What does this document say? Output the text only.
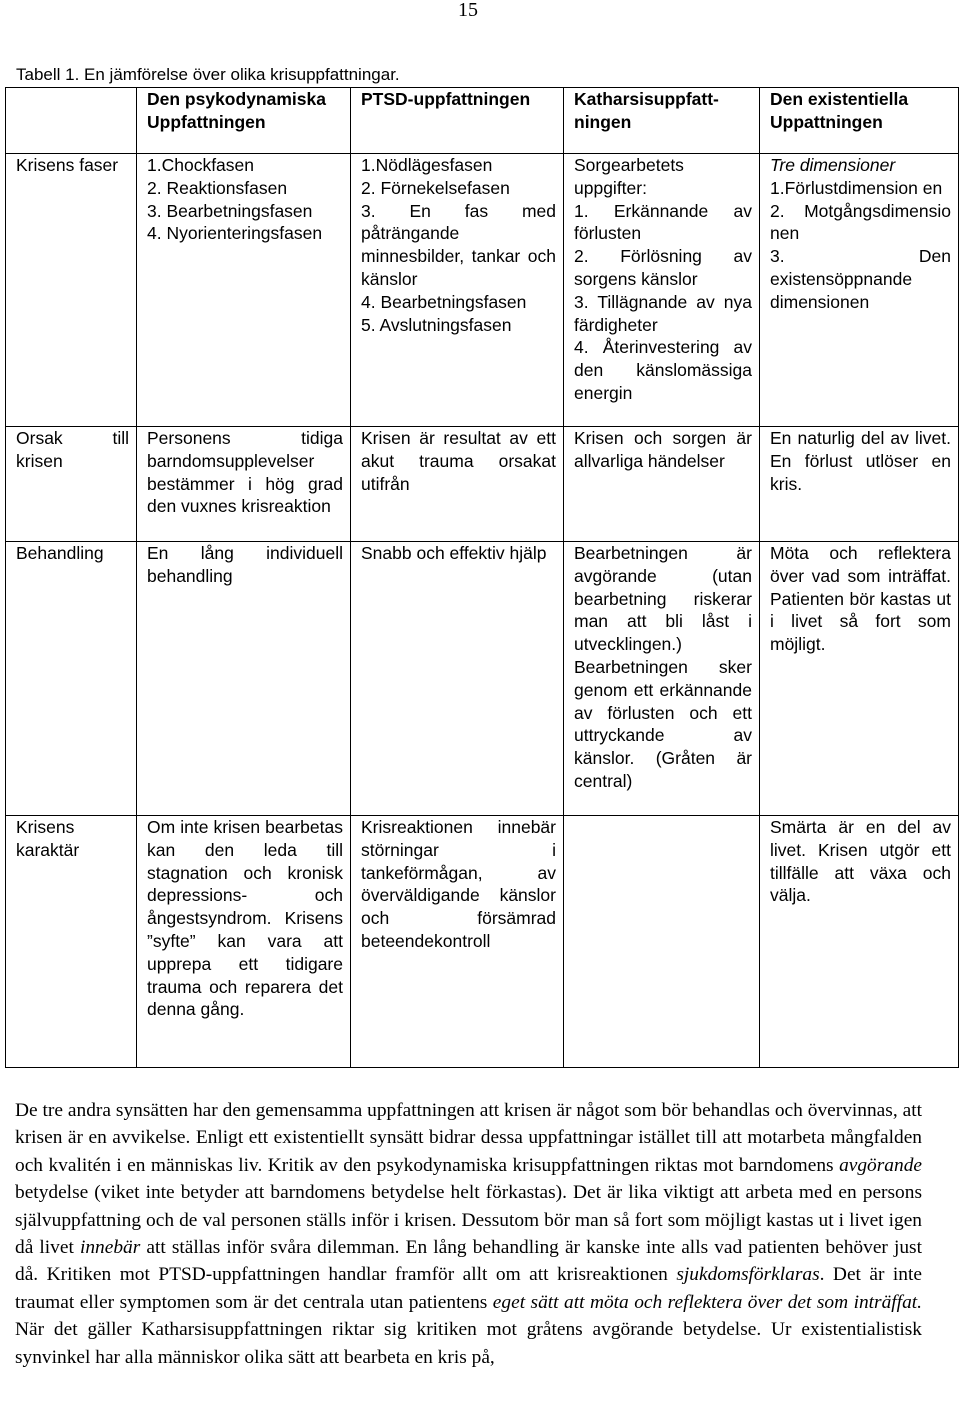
15
Tabell 1. En jämförelse över olika krisuppfattningar.
	Den psykodynamiska Uppfattningen	PTSD-uppfattningen	Katharsisuppfatt-ningen	Den existentiella Uppattningen
Krisens faser	1.Chockfasen
2. Reaktionsfasen
3. Bearbetningsfasen
4. Nyorienteringsfasen	1.Nödlägesfasen
2. Förnekelsefasen
3. En fas med påträngande minnesbilder, tankar och känslor
4. Bearbetningsfasen
5. Avslutningsfasen	Sorgearbetets uppgifter:
1. Erkännande av förlusten
2. Förlösning av sorgens känslor
3. Tillägnande av nya färdigheter
4. Återinvestering av den känslomässiga energin	Tre dimensioner
1.Förlustdimension en
2. Motgångsdimensio nen
3. Den existensöppnande dimensionen

Orsak till krisen	Personens tidiga barndomsupplevelser bestämmer i hög grad den vuxnes krisreaktion	Krisen är resultat av ett akut trauma orsakat utifrån	Krisen och sorgen är allvarliga händelser	En naturlig del av livet. En förlust utlöser en kris.
Behandling	En lång individuell behandling	Snabb och effektiv hjälp	Bearbetningen är avgörande (utan bearbetning riskerar man att bli låst i utvecklingen.) Bearbetningen sker genom ett erkännande av förlusten och ett uttryckande av känslor. (Gråten är central)	Möta och reflektera över vad som inträffat. Patienten bör kastas ut i livet så fort som möjligt.
Krisens karaktär	Om inte krisen bearbetas kan den leda till stagnation och kronisk depressions- och ångestsyndrom. Krisens ”syfte” kan vara att upprepa ett tidigare trauma och reparera det denna gång.	Krisreaktionen innebär störningar i tankeförmågan, av överväldigande känslor och försämrad beteendekontroll		Smärta är en del av livet. Krisen utgör ett tillfälle att växa och välja.

De tre andra synsätten har den gemensamma uppfattningen att krisen är något som bör behandlas och övervinnas, att krisen är en avvikelse. Enligt ett existentiellt synsätt bidrar dessa uppfattningar istället till att motarbeta mångfalden och kvalitén i en människas liv. Kritik av den psykodynamiska krisuppfattningen riktas mot barndomens avgörande betydelse (viket inte betyder att barndomens betydelse helt förkastas). Det är lika viktigt att arbeta med en persons självuppfattning och de val personen ställs inför i krisen. Dessutom bör man så fort som möjligt kastas ut i livet igen då livet innebär att ställas inför svåra dilemman. En lång behandling är kanske inte alls vad patienten behöver just då. Kritiken mot PTSD-uppfattningen handlar framför allt om att krisreaktionen sjukdomsförklaras. Det är inte traumat eller symptomen som är det centrala utan patientens eget sätt att möta och reflektera över det som inträffat. När det gäller Katharsisuppfattningen riktar sig kritiken mot gråtens avgörande betydelse. Ur existentialistisk synvinkel har alla människor olika sätt att bearbeta en kris på,
